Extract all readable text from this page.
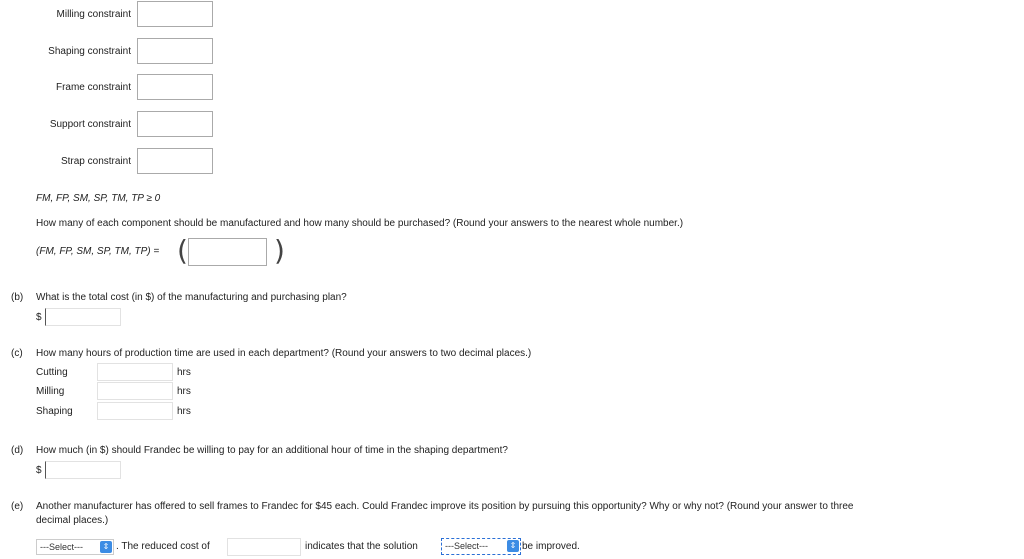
Milling constraint
Shaping constraint
Frame constraint
Support constraint
Strap constraint
FM, FP, SM, SP, TM, TP ≥ 0
How many of each component should be manufactured and how many should be purchased? (Round your answers to the nearest whole number.)
(FM, FP, SM, SP, TM, TP) = (	)
(b) What is the total cost (in $) of the manufacturing and purchasing plan?
$
(c) How many hours of production time are used in each department? (Round your answers to two decimal places.)
Cutting	hrs
Milling	hrs
Shaping	hrs
(d) How much (in $) should Frandec be willing to pay for an additional hour of time in the shaping department?
$
(e) Another manufacturer has offered to sell frames to Frandec for $45 each. Could Frandec improve its position by pursuing this opportunity? Why or why not? (Round your answer to three
decimal places.)
---Select---	⇕ . The reduced cost of	indicates that the solution	---Select---	⇕ be improved.
